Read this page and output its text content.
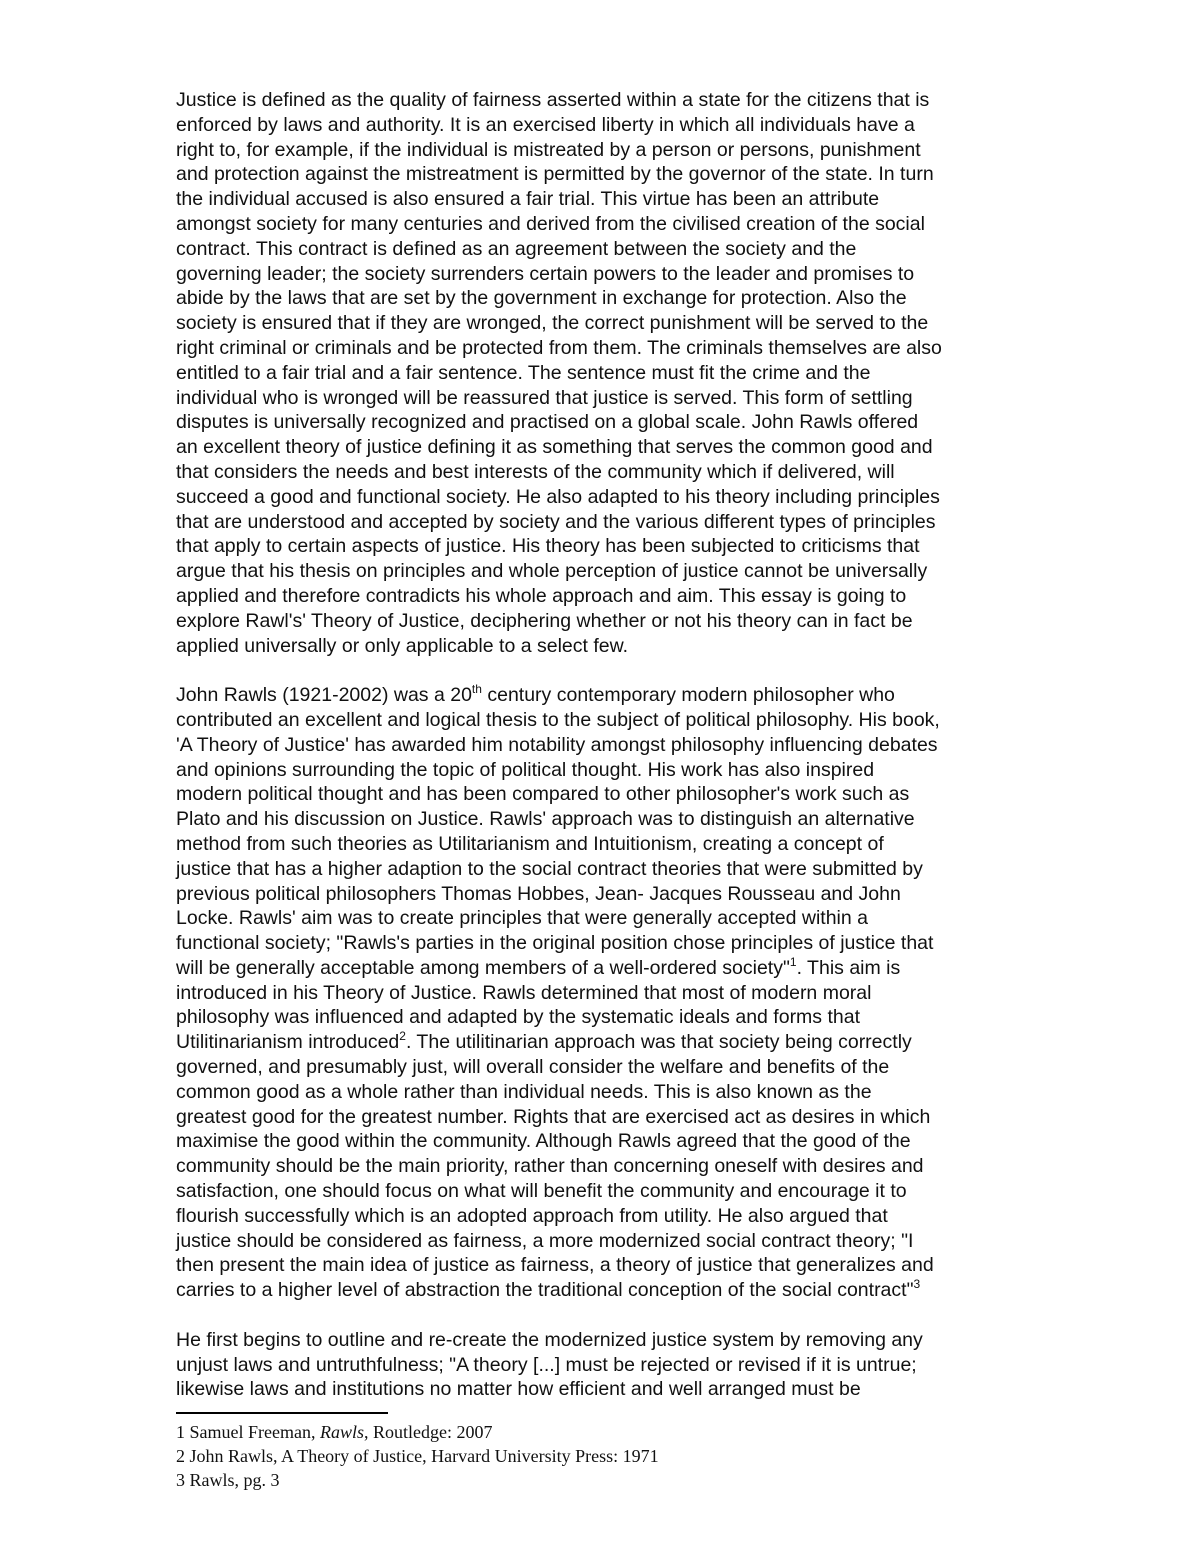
Justice is defined as the quality of fairness asserted within a state for the citizens that is
enforced by laws and authority. It is an exercised liberty in which all individuals have a
right to, for example, if the individual is mistreated by a person or persons, punishment
and protection against the mistreatment is permitted by the governor of the state. In turn
the individual accused is also ensured a fair trial. This virtue has been an attribute
amongst society for many centuries and derived from the civilised creation of the social
contract. This contract is defined as an agreement between the society and the
governing leader; the society surrenders certain powers to the leader and promises to
abide by the laws that are set by the government in exchange for protection. Also the
society is ensured that if they are wronged, the correct punishment will be served to the
right criminal or criminals and be protected from them. The criminals themselves are also
entitled to a fair trial and a fair sentence. The sentence must fit the crime and the
individual who is wronged will be reassured that justice is served. This form of settling
disputes is universally recognized and practised on a global scale. John Rawls offered
an excellent theory of justice defining it as something that serves the common good and
that considers the needs and best interests of the community which if delivered, will
succeed a good and functional society. He also adapted to his theory including principles
that are understood and accepted by society and the various different types of principles
that apply to certain aspects of justice. His theory has been subjected to criticisms that
argue that his thesis on principles and whole perception of justice cannot be universally
applied and therefore contradicts his whole approach and aim. This essay is going to
explore Rawl's' Theory of Justice, deciphering whether or not his theory can in fact be
applied universally or only applicable to a select few.

John Rawls (1921-2002) was a 20th century contemporary modern philosopher who
contributed an excellent and logical thesis to the subject of political philosophy. His book,
'A Theory of Justice' has awarded him notability amongst philosophy influencing debates
and opinions surrounding the topic of political thought. His work has also inspired
modern political thought and has been compared to other philosopher's work such as
Plato and his discussion on Justice. Rawls' approach was to distinguish an alternative
method from such theories as Utilitarianism and Intuitionism, creating a concept of
justice that has a higher adaption to the social contract theories that were submitted by
previous political philosophers Thomas Hobbes, Jean- Jacques Rousseau and John
Locke. Rawls' aim was to create principles that were generally accepted within a
functional society; "Rawls's parties in the original position chose principles of justice that
will be generally acceptable among members of a well-ordered society"$^1$. This aim is
introduced in his Theory of Justice. Rawls determined that most of modern moral
philosophy was influenced and adapted by the systematic ideals and forms that
Utilitinarianism introduced$^2$. The utilitinarian approach was that society being correctly
governed, and presumably just, will overall consider the welfare and benefits of the
common good as a whole rather than individual needs. This is also known as the
greatest good for the greatest number. Rights that are exercised act as desires in which
maximise the good within the community. Although Rawls agreed that the good of the
community should be the main priority, rather than concerning oneself with desires and
satisfaction, one should focus on what will benefit the community and encourage it to
flourish successfully which is an adopted approach from utility. He also argued that
justice should be considered as fairness, a more modernized social contract theory; "I
then present the main idea of justice as fairness, a theory of justice that generalizes and
carries to a higher level of abstraction the traditional conception of the social contract"$^3$

He first begins to outline and re-create the modernized justice system by removing any
unjust laws and untruthfulness; "A theory [...] must be rejected or revised if it is untrue;
likewise laws and institutions no matter how efficient and well arranged must be

1 Samuel Freeman, Rawls, Routledge: 2007
2 John Rawls, A Theory of Justice, Harvard University Press: 1971
3 Rawls, pg. 3
